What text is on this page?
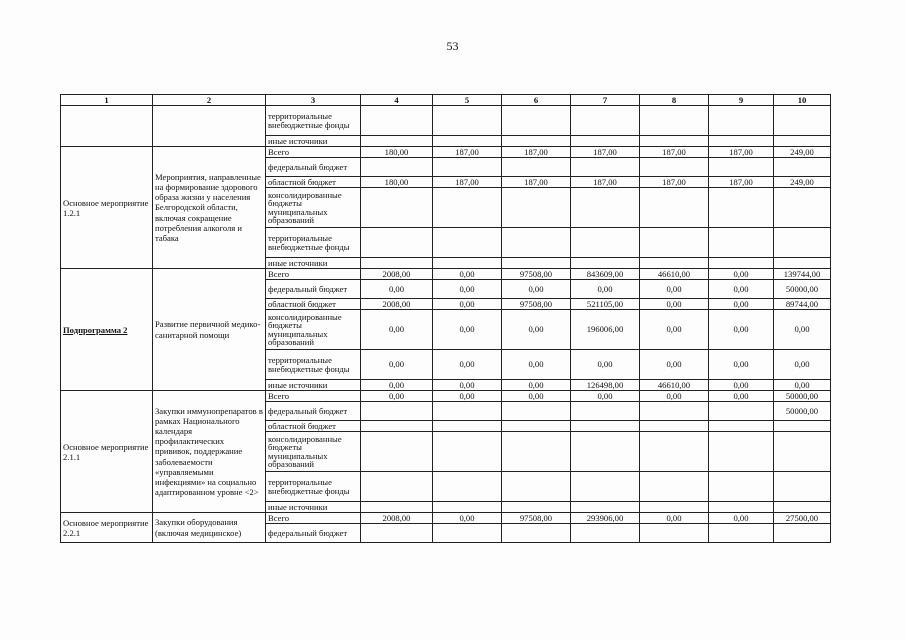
53
1	2	3	4	5	6	7	8	9	10
		территориальные внебюджетные фонды							
		иные источники							
Основное мероприятие 1.2.1	Мероприятия, направленные на формирование здорового образа жизни у населения Белгородской области, включая сокращение потребления алкоголя и табака	Всего	180,00	187,00	187,00	187,00	187,00	187,00	249,00
		федеральный бюджет							
		областной бюджет	180,00	187,00	187,00	187,00	187,00	187,00	249,00
		консолидированные бюджеты муниципальных образований							
		территориальные внебюджетные фонды							
		иные источники							
Подпрограмма 2	Развитие первичной медико-санитарной помощи	Всего	2008,00	0,00	97508,00	843609,00	46610,00	0,00	139744,00
		федеральный бюджет	0,00	0,00	0,00	0,00	0,00	0,00	50000,00
		областной бюджет	2008,00	0,00	97508,00	521105,00	0,00	0,00	89744,00
		консолидированные бюджеты муниципальных образований	0,00	0,00	0,00	196006,00	0,00	0,00	0,00
		территориальные внебюджетные фонды	0,00	0,00	0,00	0,00	0,00	0,00	0,00
		иные источники	0,00	0,00	0,00	126498,00	46610,00	0,00	0,00
Основное мероприятие 2.1.1	Закупки иммунопрепаратов в рамках Национального календаря профилактических прививок, поддержание заболеваемости «управляемыми инфекциями» на социально адаптированном уровне <2>	Всего	0,00	0,00	0,00	0,00	0,00	0,00	50000,00
		федеральный бюджет							50000,00
		областной бюджет							
		консолидированные бюджеты муниципальных образований							
		территориальные внебюджетные фонды							
		иные источники							
Основное мероприятие 2.2.1	Закупки оборудования (включая медицинское)	Всего	2008,00	0,00	97508,00	293906,00	0,00	0,00	27500,00
		федеральный бюджет							
